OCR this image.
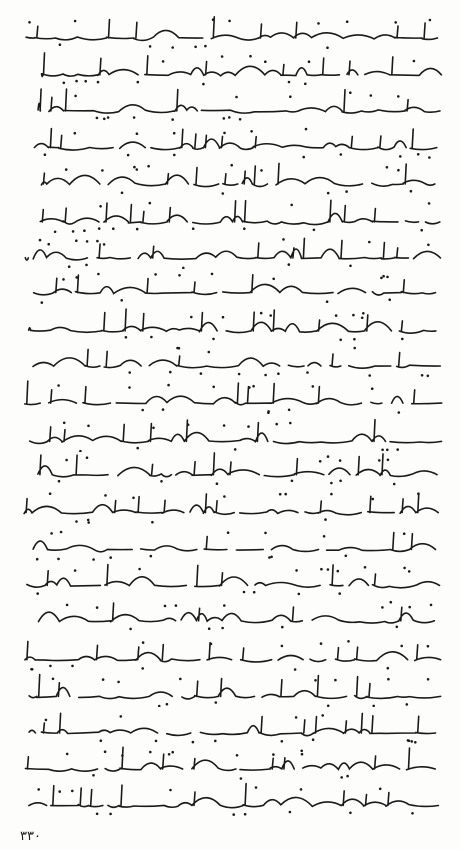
٣٣٠
